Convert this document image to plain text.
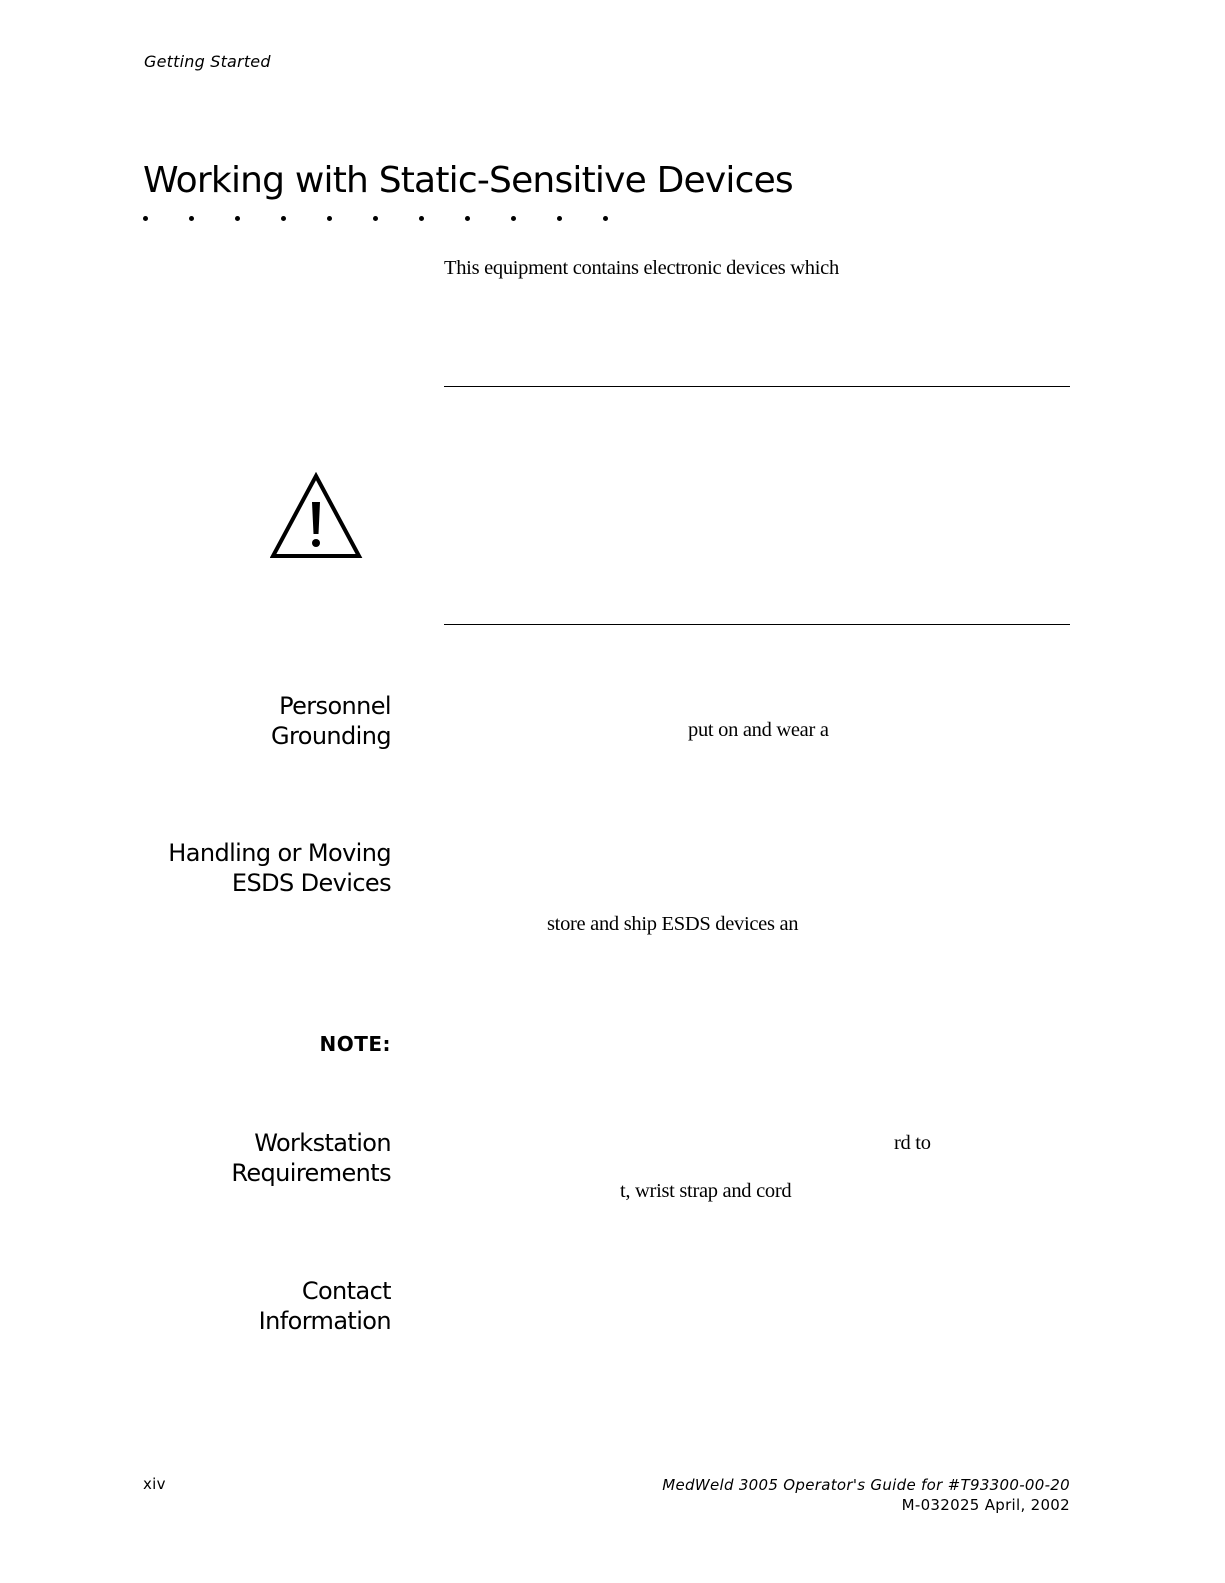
Getting Started
Working with Static-Sensitive Devices
This equipment contains electronic devices which
Personnel
Grounding	put on and wear a
Handling or Moving
ESDS Devices
store and ship ESDS devices an
NOTE:
Workstation
Requirements
rd to
t, wrist strap and cord
Contact
Information
xiv	MedWeld 3005 Operator's Guide for #T93300-00-20
M-032025 April, 2002
